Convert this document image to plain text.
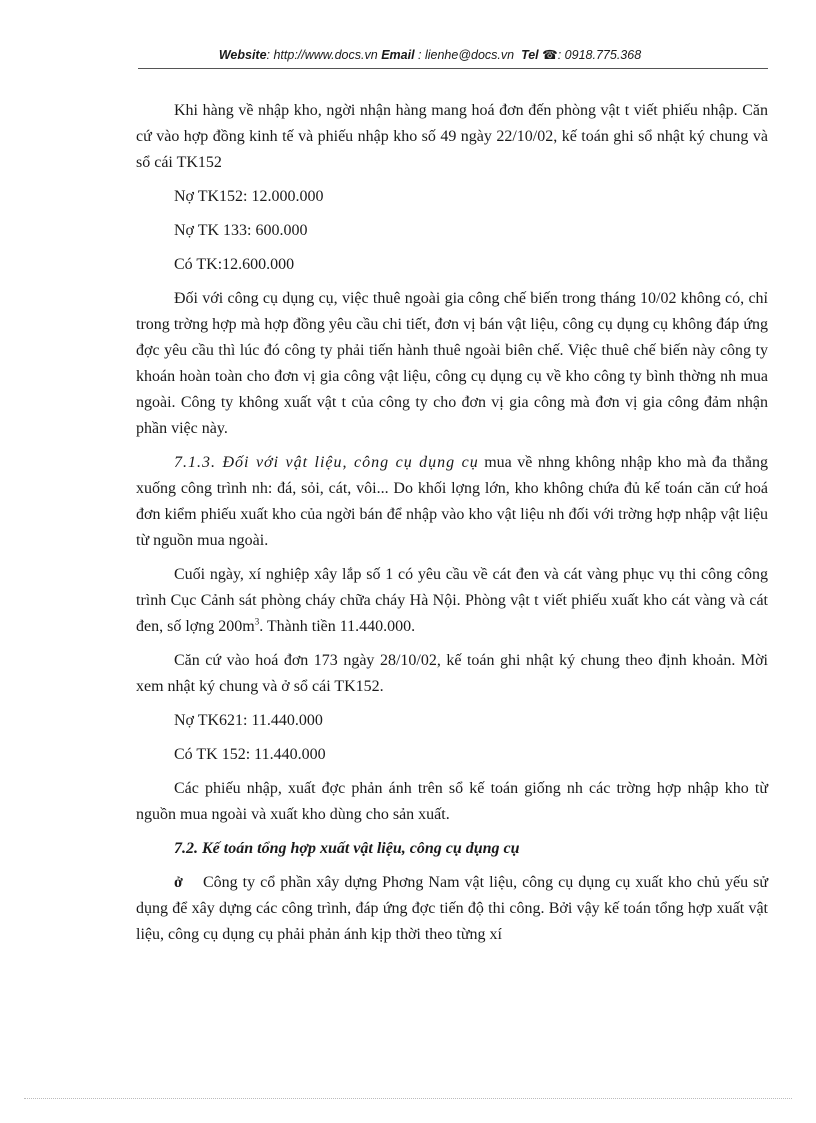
Website: http://www.docs.vn Email : lienhe@docs.vn Tel ☎: 0918.775.368

Khi hàng về nhập kho, ngời nhận hàng mang hoá đơn đến phòng vật t viết phiếu nhập. Căn cứ vào hợp đồng kinh tế và phiếu nhập kho số 49 ngày 22/10/02, kế toán ghi sổ nhật ký chung và sổ cái TK152

Nợ TK152: 12.000.000

Nợ TK 133: 600.000

Có TK:12.600.000

Đối với công cụ dụng cụ, việc thuê ngoài gia công chế biến trong tháng 10/02 không có, chỉ trong trờng hợp mà hợp đồng yêu cầu chi tiết, đơn vị bán vật liệu, công cụ dụng cụ không đáp ứng đợc yêu cầu thì lúc đó công ty phải tiến hành thuê ngoài biên chế. Việc thuê chế biến này công ty khoán hoàn toàn cho đơn vị gia công vật liệu, công cụ dụng cụ về kho công ty bình thờng nh mua ngoài. Công ty không xuất vật t của công ty cho đơn vị gia công mà đơn vị gia công đảm nhận phần việc này.

7.1.3. Đối với vật liệu, công cụ dụng cụ mua về nhng không nhập kho mà đa thẳng xuống công trình nh: đá, sỏi, cát, vôi... Do khối lợng lớn, kho không chứa đủ kế toán căn cứ hoá đơn kiểm phiếu xuất kho của ngời bán để nhập vào kho vật liệu nh đối với trờng hợp nhập vật liệu từ nguồn mua ngoài.

Cuối ngày, xí nghiệp xây lắp số 1 có yêu cầu về cát đen và cát vàng phục vụ thi công công trình Cục Cảnh sát phòng cháy chữa cháy Hà Nội. Phòng vật t viết phiếu xuất kho cát vàng và cát đen, số lợng $200m^3$. Thành tiền 11.440.000.

Căn cứ vào hoá đơn 173 ngày 28/10/02, kế toán ghi nhật ký chung theo định khoản. Mời xem nhật ký chung và ở sổ cái TK152.

Nợ TK621: 11.440.000

Có TK 152: 11.440.000

Các phiếu nhập, xuất đợc phản ánh trên sổ kế toán giống nh các trờng hợp nhập kho từ nguồn mua ngoài và xuất kho dùng cho sản xuất.

7.2. Kế toán tổng hợp xuất vật liệu, công cụ dụng cụ

ở Công ty cổ phần xây dựng Phơng Nam vật liệu, công cụ dụng cụ xuất kho chủ yếu sử dụng để xây dựng các công trình, đáp ứng đợc tiến độ thi công. Bởi vậy kế toán tổng hợp xuất vật liệu, công cụ dụng cụ phải phản ánh kịp thời theo từng xí
